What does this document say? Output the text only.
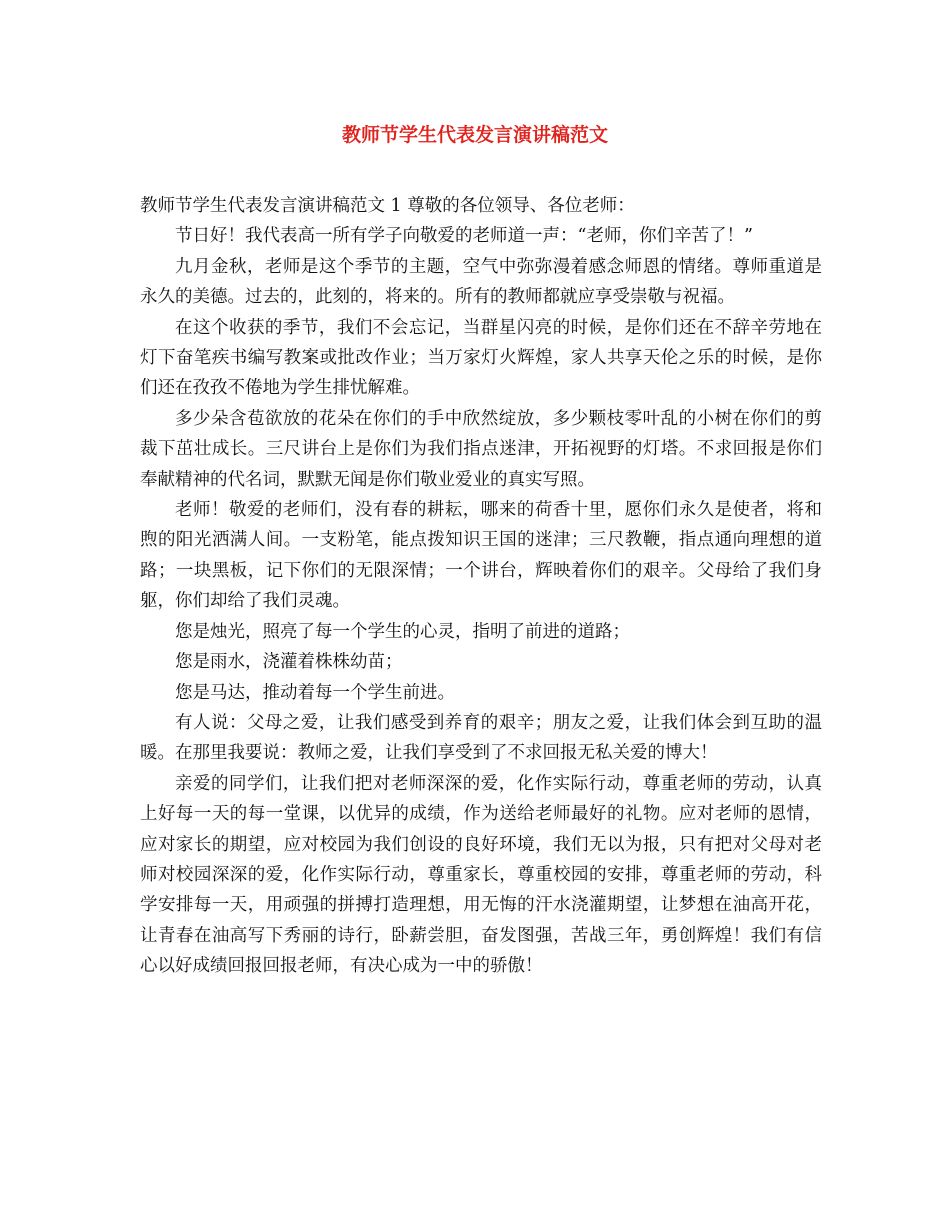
教师节学生代表发言演讲稿范文

教师节学生代表发言演讲稿范文 1 尊敬的各位领导、各位老师：

节日好！我代表高一所有学子向敬爱的老师道一声：“老师，你们辛苦了！”

九月金秋，老师是这个季节的主题，空气中弥弥漫着感念师恩的情绪。尊师重道是永久的美德。过去的，此刻的，将来的。所有的教师都就应享受崇敬与祝福。

在这个收获的季节，我们不会忘记，当群星闪亮的时候，是你们还在不辞辛劳地在灯下奋笔疾书编写教案或批改作业；当万家灯火辉煌，家人共享天伦之乐的时候，是你们还在孜孜不倦地为学生排忧解难。

多少朵含苞欲放的花朵在你们的手中欣然绽放，多少颗枝零叶乱的小树在你们的剪裁下茁壮成长。三尺讲台上是你们为我们指点迷津，开拓视野的灯塔。不求回报是你们奉献精神的代名词，默默无闻是你们敬业爱业的真实写照。

老师！敬爱的老师们，没有春的耕耘，哪来的荷香十里，愿你们永久是使者，将和煦的阳光洒满人间。一支粉笔，能点拨知识王国的迷津；三尺教鞭，指点通向理想的道路；一块黑板，记下你们的无限深情；一个讲台，辉映着你们的艰辛。父母给了我们身躯，你们却给了我们灵魂。

您是烛光，照亮了每一个学生的心灵，指明了前进的道路；

您是雨水，浇灌着株株幼苗；

您是马达，推动着每一个学生前进。

有人说：父母之爱，让我们感受到养育的艰辛；朋友之爱，让我们体会到互助的温暖。在那里我要说：教师之爱，让我们享受到了不求回报无私关爱的博大！

亲爱的同学们，让我们把对老师深深的爱，化作实际行动，尊重老师的劳动，认真上好每一天的每一堂课，以优异的成绩，作为送给老师最好的礼物。应对老师的恩情，应对家长的期望，应对校园为我们创设的良好环境，我们无以为报，只有把对父母对老师对校园深深的爱，化作实际行动，尊重家长，尊重校园的安排，尊重老师的劳动，科学安排每一天，用顽强的拼搏打造理想，用无悔的汗水浇灌期望，让梦想在油高开花，让青春在油高写下秀丽的诗行，卧薪尝胆，奋发图强，苦战三年，勇创辉煌！我们有信心以好成绩回报回报老师，有决心成为一中的骄傲！
